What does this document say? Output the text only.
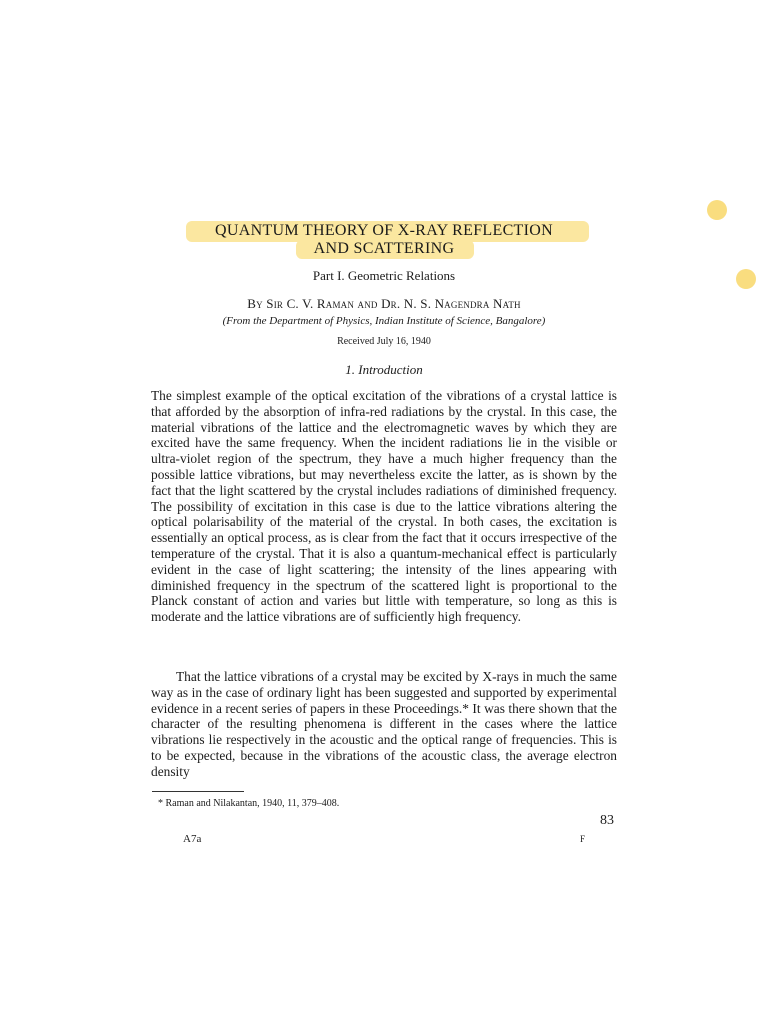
QUANTUM THEORY OF X-RAY REFLECTION
AND SCATTERING
Part I. Geometric Relations
By Sir C. V. Raman and Dr. N. S. Nagendra Nath
(From the Department of Physics, Indian Institute of Science, Bangalore)
Received July 16, 1940
1. Introduction

The simplest example of the optical excitation of the vibrations of a crystal lattice is that afforded by the absorption of infra-red radiations by the crystal. In this case, the material vibrations of the lattice and the electromagnetic waves by which they are excited have the same frequency. When the incident radiations lie in the visible or ultra-violet region of the spectrum, they have a much higher frequency than the possible lattice vibrations, but may nevertheless excite the latter, as is shown by the fact that the light scattered by the crystal includes radiations of diminished frequency. The possibility of excitation in this case is due to the lattice vibrations altering the optical polarisability of the material of the crystal. In both cases, the excitation is essentially an optical process, as is clear from the fact that it occurs irrespective of the temperature of the crystal. That it is also a quantum-mechanical effect is particularly evident in the case of light scattering; the intensity of the lines appearing with diminished frequency in the spectrum of the scattered light is proportional to the Planck constant of action and varies but little with temperature, so long as this is moderate and the lattice vibrations are of sufficiently high frequency.

That the lattice vibrations of a crystal may be excited by X-rays in much the same way as in the case of ordinary light has been suggested and supported by experimental evidence in a recent series of papers in these Proceedings.* It was there shown that the character of the resulting phenomena is different in the cases where the lattice vibrations lie respectively in the acoustic and the optical range of frequencies. This is to be expected, because in the vibrations of the acoustic class, the average electron density

* Raman and Nilakantan, 1940, 11, 379–408.
83
A7a	F
